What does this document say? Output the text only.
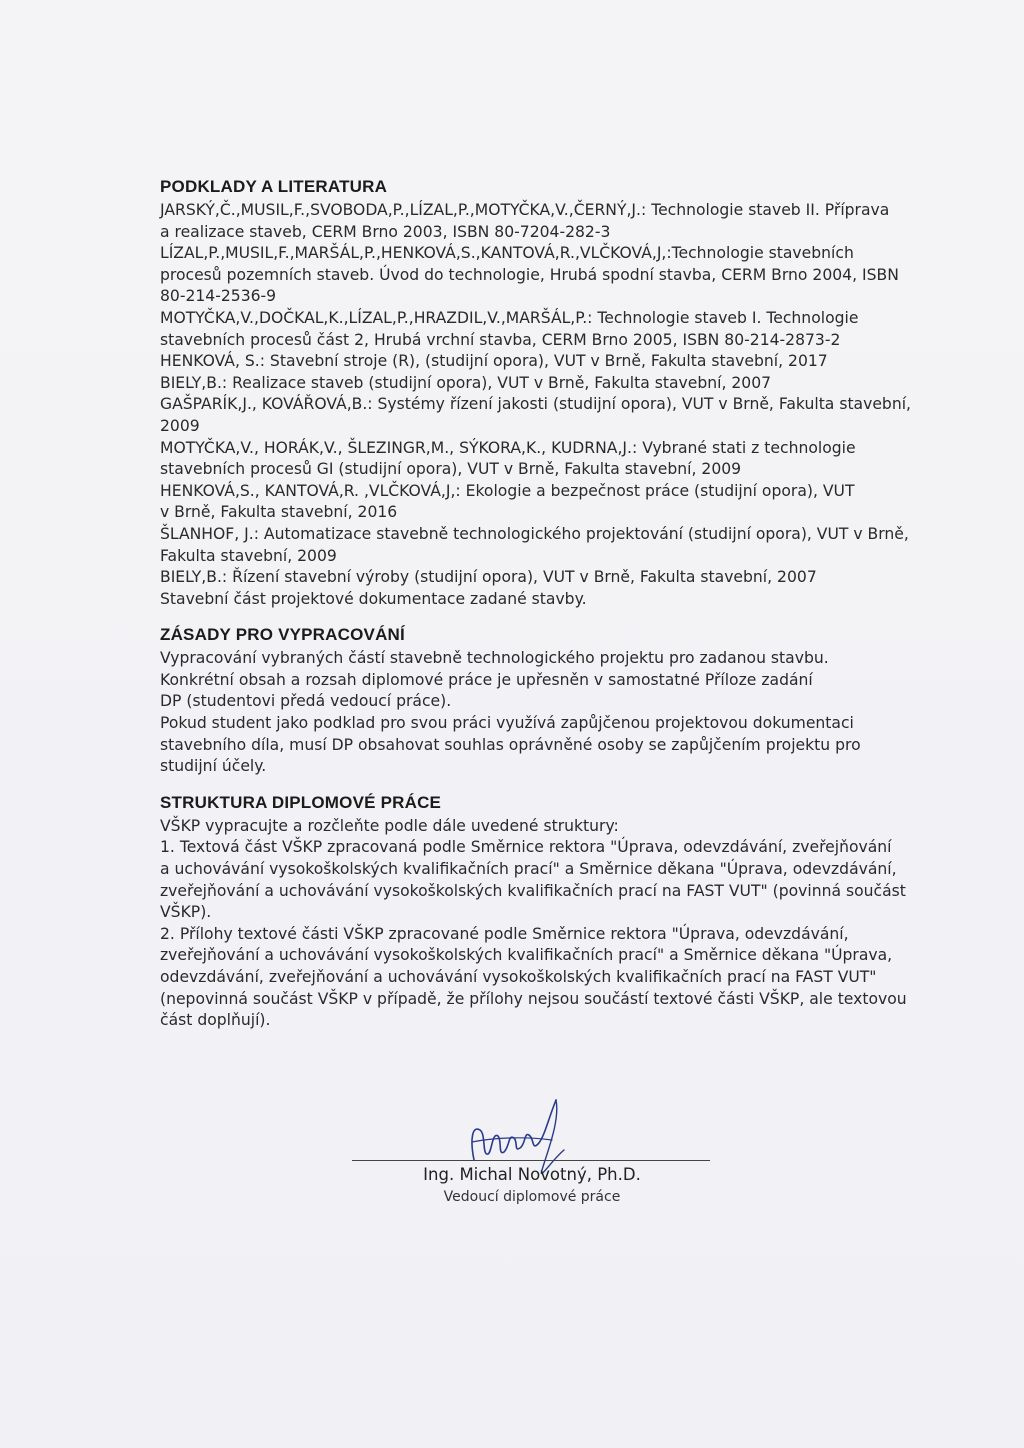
PODKLADY A LITERATURA
JARSKÝ,Č.,MUSIL,F.,SVOBODA,P.,LÍZAL,P.,MOTYČKA,V.,ČERNÝ,J.: Technologie staveb II. Příprava
a realizace staveb, CERM Brno 2003, ISBN 80-7204-282-3
LÍZAL,P.,MUSIL,F.,MARŠÁL,P.,HENKOVÁ,S.,KANTOVÁ,R.,VLČKOVÁ,J,:Technologie stavebních
procesů pozemních staveb. Úvod do technologie, Hrubá spodní stavba, CERM Brno 2004, ISBN
80-214-2536-9
MOTYČKA,V.,DOČKAL,K.,LÍZAL,P.,HRAZDIL,V.,MARŠÁL,P.: Technologie staveb I. Technologie
stavebních procesů část 2, Hrubá vrchní stavba, CERM Brno 2005, ISBN 80-214-2873-2
HENKOVÁ, S.: Stavební stroje (R), (studijní opora), VUT v Brně, Fakulta stavební, 2017
BIELY,B.: Realizace staveb (studijní opora), VUT v Brně, Fakulta stavební, 2007
GAŠPARÍK,J., KOVÁŘOVÁ,B.: Systémy řízení jakosti (studijní opora), VUT v Brně, Fakulta stavební,
2009
MOTYČKA,V., HORÁK,V., ŠLEZINGR,M., SÝKORA,K., KUDRNA,J.: Vybrané stati z technologie
stavebních procesů GI (studijní opora), VUT v Brně, Fakulta stavební, 2009
HENKOVÁ,S., KANTOVÁ,R. ,VLČKOVÁ,J,: Ekologie a bezpečnost práce (studijní opora), VUT
v Brně, Fakulta stavební, 2016
ŠLANHOF, J.: Automatizace stavebně technologického projektování (studijní opora), VUT v Brně,
Fakulta stavební, 2009
BIELY,B.: Řízení stavební výroby (studijní opora), VUT v Brně, Fakulta stavební, 2007
Stavební část projektové dokumentace zadané stavby.
ZÁSADY PRO VYPRACOVÁNÍ
Vypracování vybraných částí stavebně technologického projektu pro zadanou stavbu.
Konkrétní obsah a rozsah diplomové práce je upřesněn v samostatné Příloze zadání
DP (studentovi předá vedoucí práce).
Pokud student jako podklad pro svou práci využívá zapůjčenou projektovou dokumentaci
stavebního díla, musí DP obsahovat souhlas oprávněné osoby se zapůjčením projektu pro
studijní účely.
STRUKTURA DIPLOMOVÉ PRÁCE
VŠKP vypracujte a rozčleňte podle dále uvedené struktury:
1. Textová část VŠKP zpracovaná podle Směrnice rektora "Úprava, odevzdávání, zveřejňování
a uchovávání vysokoškolských kvalifikačních prací" a Směrnice děkana "Úprava, odevzdávání,
zveřejňování a uchovávání vysokoškolských kvalifikačních prací na FAST VUT" (povinná součást
VŠKP).
2. Přílohy textové části VŠKP zpracované podle Směrnice rektora "Úprava, odevzdávání,
zveřejňování a uchovávání vysokoškolských kvalifikačních prací" a Směrnice děkana "Úprava,
odevzdávání, zveřejňování a uchovávání vysokoškolských kvalifikačních prací na FAST VUT"
(nepovinná součást VŠKP v případě, že přílohy nejsou součástí textové části VŠKP, ale textovou
část doplňují).
Ing. Michal Novotný, Ph.D.
Vedoucí diplomové práce
